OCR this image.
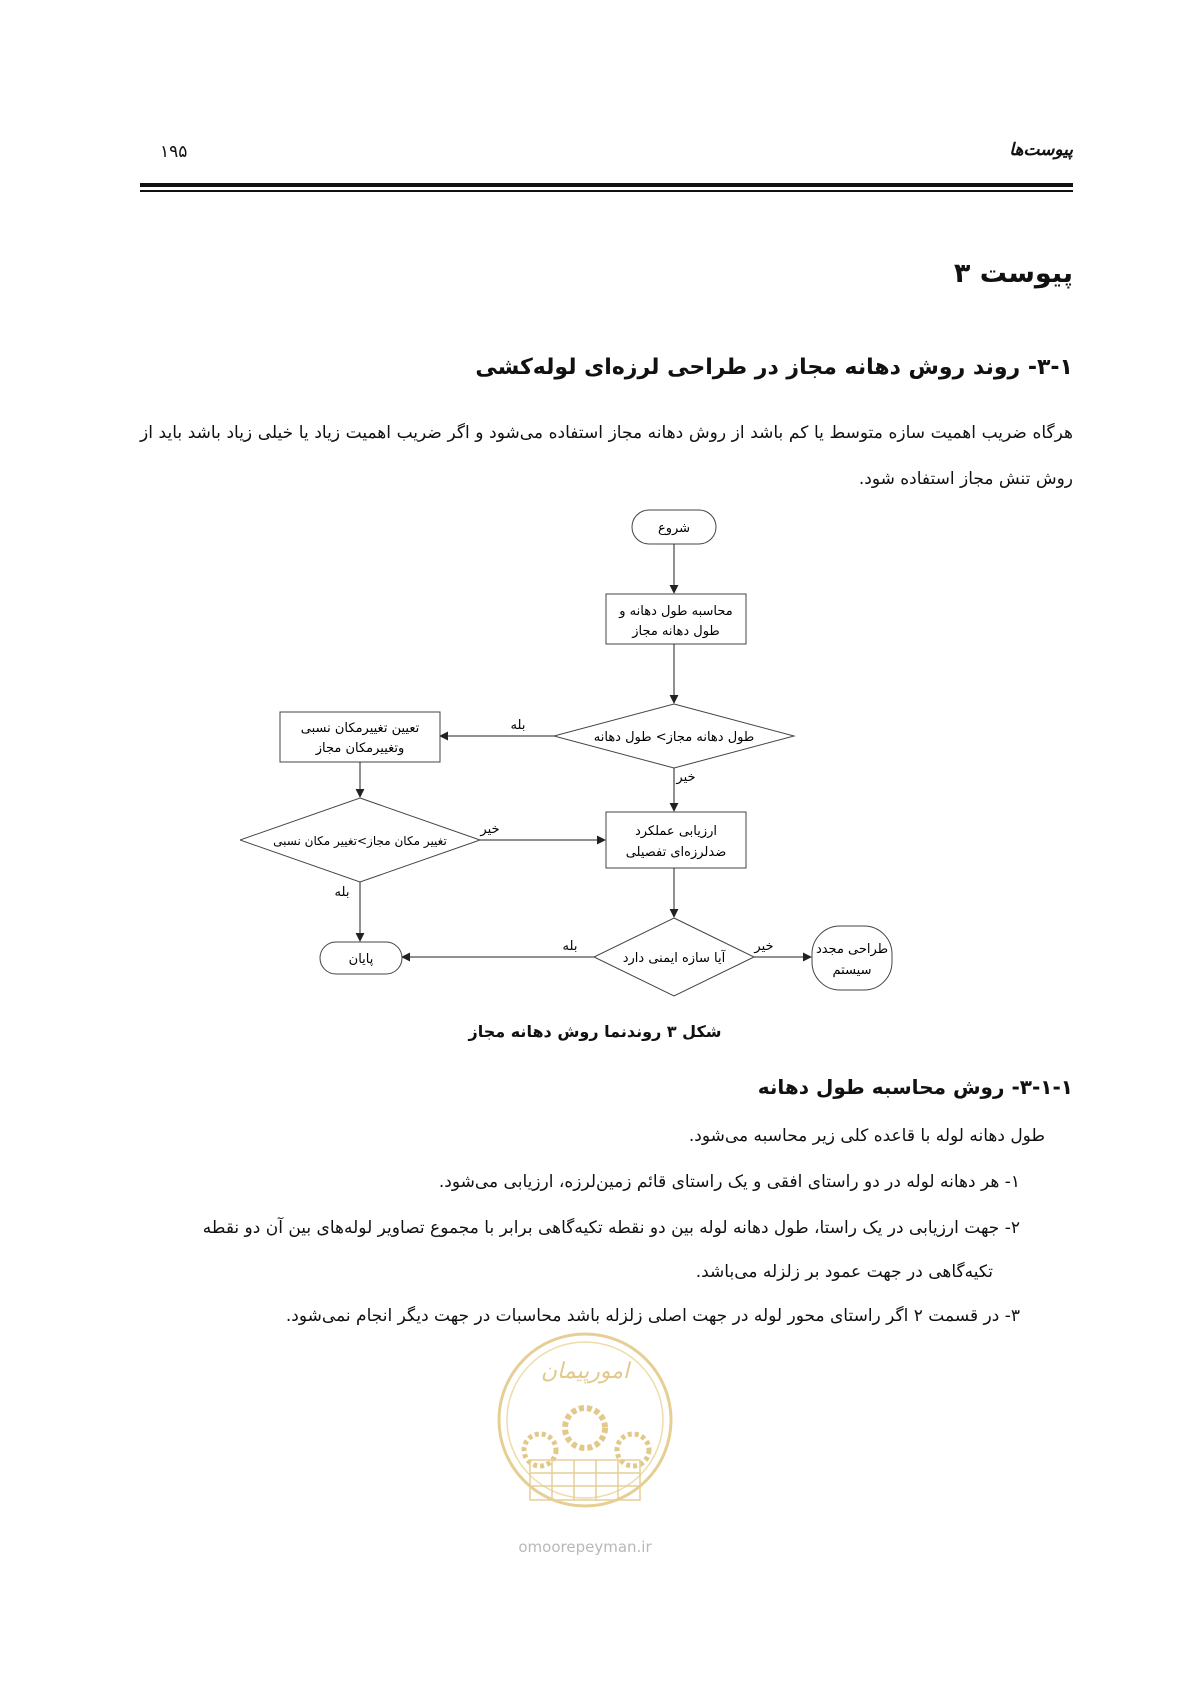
پیوست‌ها
۱۹۵
پیوست ۳
۳-۱- روند روش دهانه مجاز در طراحی لرزه‌ای لوله‌کشی
هرگاه ضریب اهمیت سازه متوسط یا کم باشد از روش دهانه مجاز استفاده می‌شود و اگر ضریب اهمیت زیاد یا خیلی زیاد باشد باید از روش تنش مجاز استفاده شود.
شروع
محاسبه طول دهانه و
طول دهانه مجاز
طول دهانه مجاز> طول دهانه
بله
تعیین تغییرمکان نسبی
وتغییرمکان مجاز
خیر
تغییر مکان مجاز>تغییر مکان نسبی
خیر	ارزیابی عملکرد
ضدلرزه‌ای تفصیلی
بله
آیا سازه ایمنی دارد
بله	خیر
پایان
طراحی مجدد
سیستم
شکل ۳ روندنما روش دهانه مجاز
۳-۱-۱- روش محاسبه طول دهانه
طول دهانه لوله با قاعده کلی زیر محاسبه می‌شود.
۱- هر دهانه لوله در دو راستای افقی و یک راستای قائم زمین‌لرزه، ارزیابی می‌شود.
۲- جهت ارزیابی در یک راستا، طول دهانه لوله بین دو نقطه تکیه‌گاهی برابر با مجموع تصاویر لوله‌های بین آن دو نقطه
تکیه‌گاهی در جهت عمود بر زلزله می‌باشد.
۳- در قسمت ۲ اگر راستای محور لوله در جهت اصلی زلزله باشد محاسبات در جهت دیگر انجام نمی‌شود.
امورپیمان
omoorepeyman.ir
